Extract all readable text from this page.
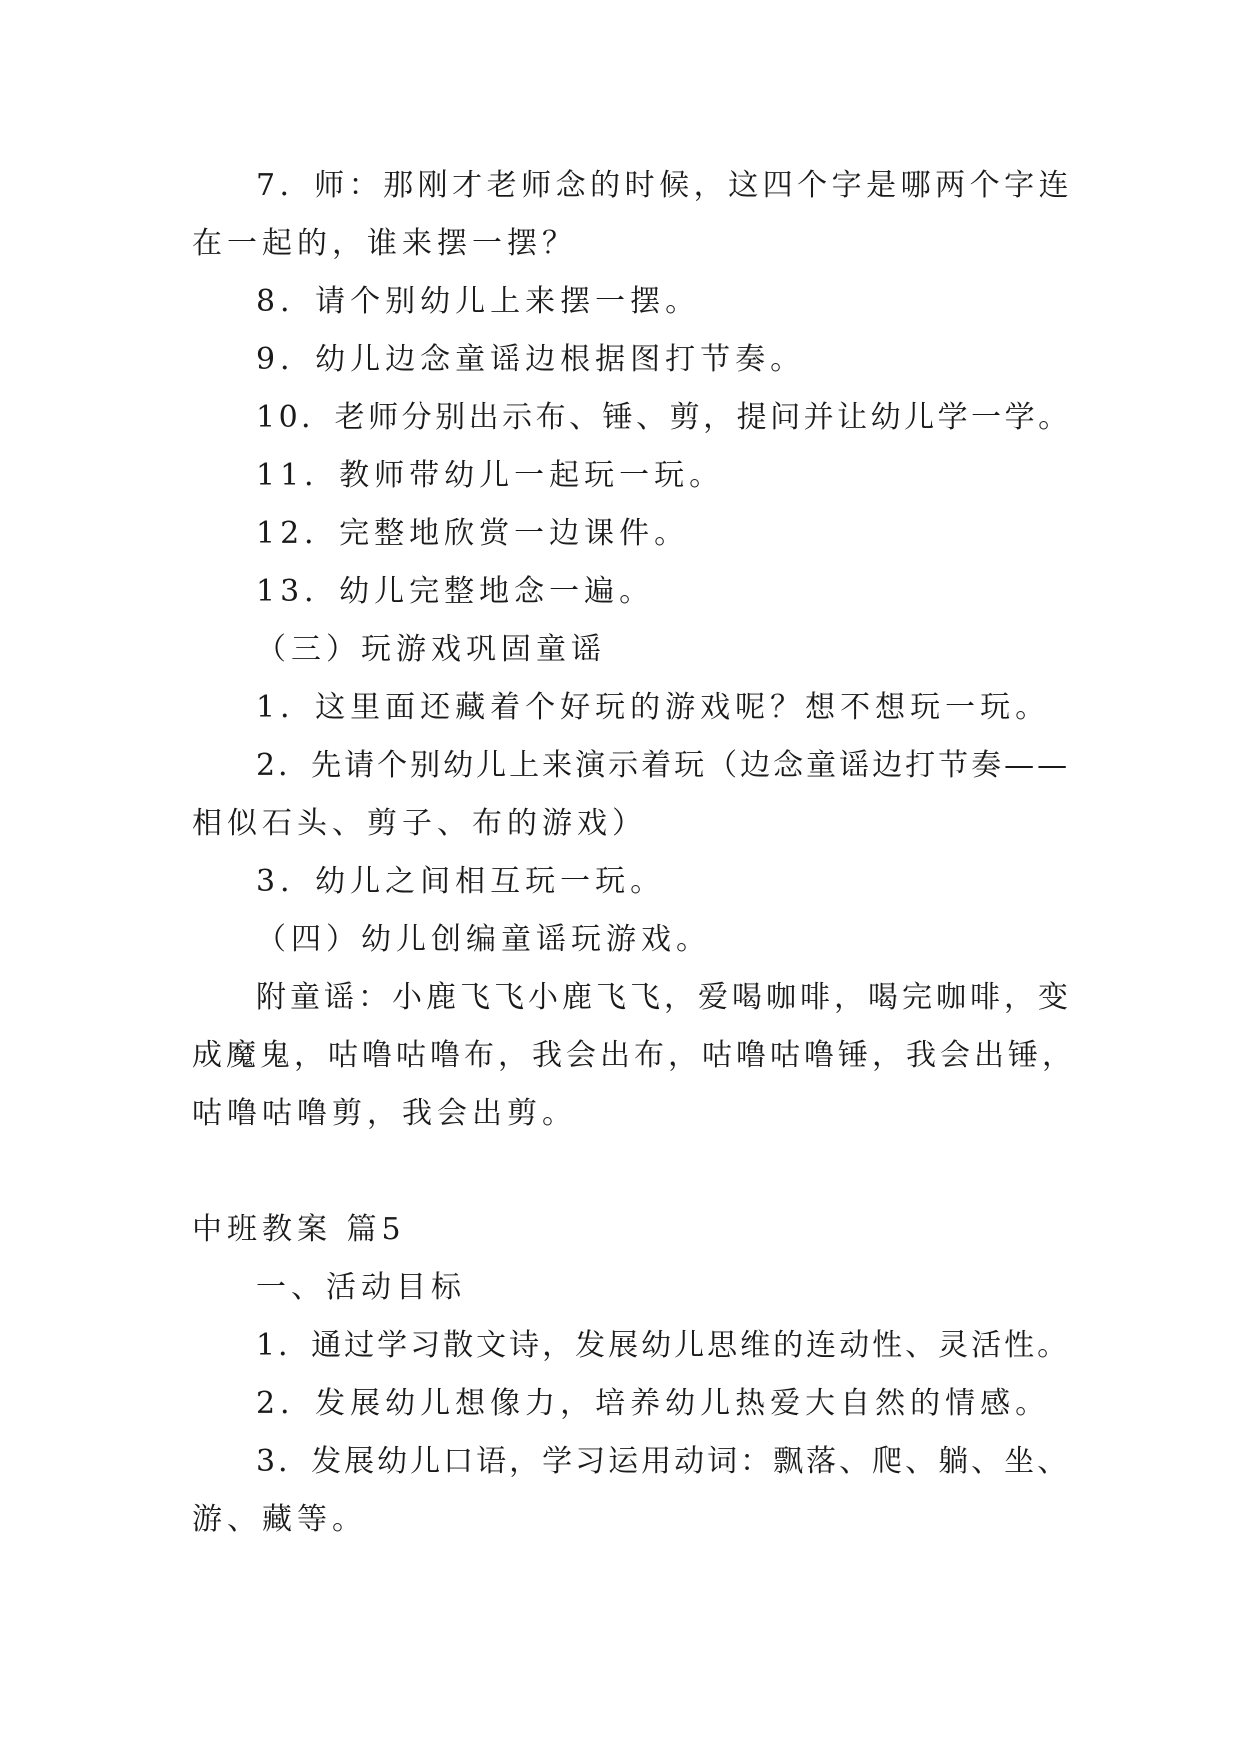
7．师：那刚才老师念的时候，这四个字是哪两个字连
在一起的，谁来摆一摆？
8．请个别幼儿上来摆一摆。
9．幼儿边念童谣边根据图打节奏。
10．老师分别出示布、锤、剪，提问并让幼儿学一学。
11．教师带幼儿一起玩一玩。
12．完整地欣赏一边课件。
13．幼儿完整地念一遍。
（三）玩游戏巩固童谣
1．这里面还藏着个好玩的游戏呢？想不想玩一玩。
2．先请个别幼儿上来演示着玩（边念童谣边打节奏——
相似石头、剪子、布的游戏）
3．幼儿之间相互玩一玩。
（四）幼儿创编童谣玩游戏。
附童谣：小鹿飞飞小鹿飞飞，爱喝咖啡，喝完咖啡，变
成魔鬼，咕噜咕噜布，我会出布，咕噜咕噜锤，我会出锤，
咕噜咕噜剪，我会出剪。
中班教案 篇5
一、活动目标
1．通过学习散文诗，发展幼儿思维的连动性、灵活性。
2．发展幼儿想像力，培养幼儿热爱大自然的情感。
3．发展幼儿口语，学习运用动词：飘落、爬、躺、坐、
游、藏等。
